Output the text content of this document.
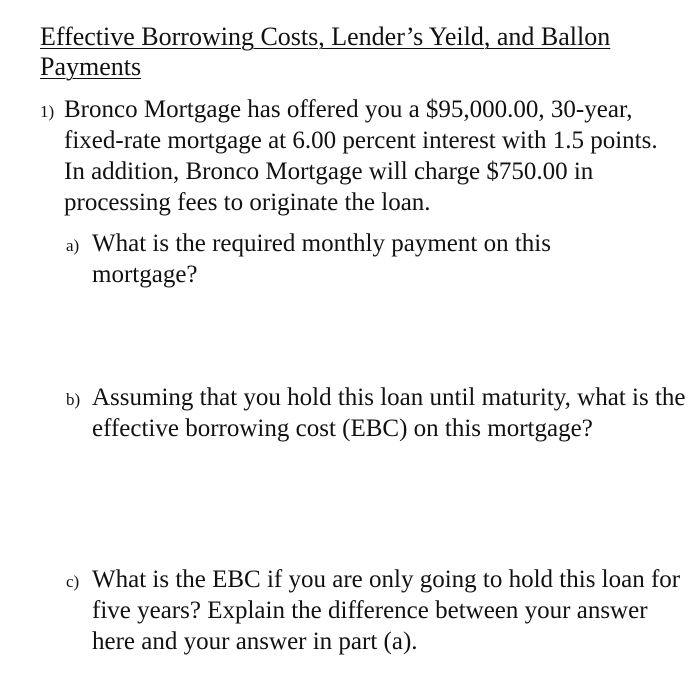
Effective Borrowing Costs, Lender’s Yeild, and Ballon Payments
1) Bronco Mortgage has offered you a $95,000.00, 30-year, fixed-rate mortgage at 6.00 percent interest with 1.5 points. In addition, Bronco Mortgage will charge $750.00 in processing fees to originate the loan.
a) What is the required monthly payment on this mortgage?
b) Assuming that you hold this loan until maturity, what is the effective borrowing cost (EBC) on this mortgage?
c) What is the EBC if you are only going to hold this loan for five years? Explain the difference between your answer here and your answer in part (a).
